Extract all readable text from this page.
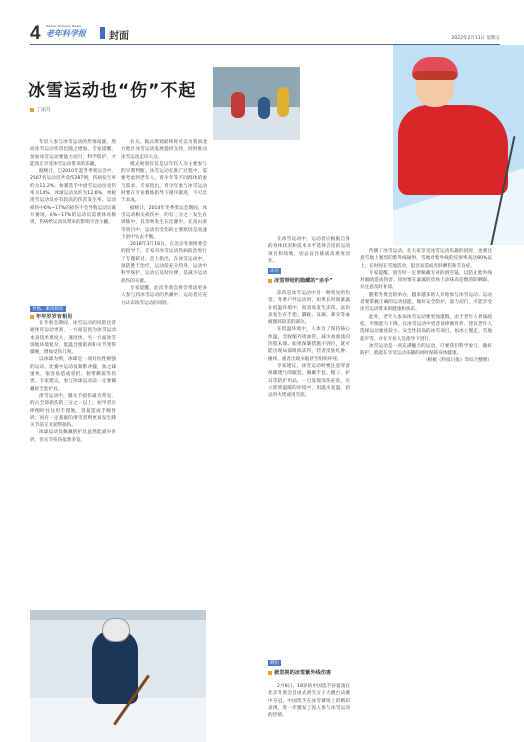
4 Senior Science News
老年科学报 封面	2022年2月11日 星期五
冰雪运动也“伤”不起
丁丽丹

年轻人参与冰雪运动的热情高涨，然而冰雪运动伤害也随之增加。专家提醒，参加冰雪运动要量力而行，科学防护，才能真正享受冰雪运动带来的乐趣。

据统计，自2010年起冬季奥运会中，2567名运动员共受伤287例，伤病发生率约为11.2%。参赛选手中滑雪运动员受伤率为14%，冰球运动员约为12.6%，单板滑雪运动员亦有较高的伤害发生率。运动损伤中6%~17%的损伤不会导致运动员离开赛场，6%~17%的运动员需要休养数周，伤病给运动员带来的影响不容小觑。

骨骼、肌肉损伤
年年岁岁有相见

在冬奥会期间，冰雪运动的风险比普通体育运动更高，一方面是因为冰雪运动本身技术难度大、速度快，另一方面冰雪场地环境复杂，低温会使肌肉和关节变得僵硬，增加受伤几率。

以冰球为例，冰球是一项对抗性极强的运动，比赛中运动员频繁冲撞，加之球速快，很容易造成骨折、韧带撕裂等伤害。专家建议，参与冰球运动前一定要佩戴好全套护具。

滑雪运动中，膝关节损伤最为常见，约占全部损伤的三分之一以上。初学者在摔倒时往往用手撑地，容易造成手腕骨折；而有一定基础的滑雪者则更易发生膝关节前交叉韧带损伤。

冰球运动员佩戴的护具虽然能减少骨折，但关节扭伤依然多发。

有关。模式规划最终将可以为我国北方地区冰雪运动发展提供支持，同时推动冰雪运动走向大众。

模式规划仅仅是以年轻人为主要参与的早期判断。冰雪运动在推广过程中，需要考虑到老年人、青少年等不同群体的参与需求。专家指出，青少年参与冰雪运动时要在专业教练指导下循序渐进，不可急于求成。

据统计，2014年冬季奥运会期间，冰雪运动相关损伤中，约有三分之一发生在训练中，其余则发生在比赛中。在高山滑雪项目中，运动员受伤的主要原因是高速下滑中失去平衡。

2018年3月18日，在北京冬奥组委会的指导下，专家对冰雪运动伤病防治进行了专题研讨。会上指出，在冰雪运动中，预防胜于治疗，运动前充分热身、运动中科学保护、运动后及时拉伸，是减少运动损伤的关键。

专家提醒，此次冬奥会将会带动更多人参与到冰雪运动的热潮中，运动者应充分认识冰雪运动的风险。

在冰雪运动中，运动者应根据自身的身体状况和技术水平选择合适的运动项目和场地，切忌盲目挑战高难度动作。

冻伤
冰雪带给的隐藏的“杀手”

冻伤是冰雪运动中另一种常见的伤害，冬季户外运动时，如果长时间暴露在低温环境中，很容易发生冻伤。冻伤多发生在手指、脚趾、耳廓、鼻尖等血液循环较差的部位。

在低温环境中，人体为了保持核心体温，会收缩外周血管，减少血液流向四肢末端。如果保暖措施不到位，就可能出现局部组织冻伤，轻者皮肤红肿、瘙痒，重者出现水疱甚至组织坏死。

专家建议，冰雪运动时要注意穿着保暖透气的服装，佩戴手套、帽子、护耳等防护用品，一旦发现冻伤症状，应立即到温暖的环境中，用温水复温，切忌用火烤或用雪搓。

晒伤
被忽视的冰雪紫外线伤害

2月8日，18岁的中国选手谷爱凌在北京冬奥会自由式滑雪女子大跳台决赛中夺冠。中国选手在冰雪赛场上的精彩表现，进一步激发了国人参与冰雪运动的热情。

传播了冰雪运动。在大家享受冰雪运动乐趣的同时，也要注意雪地上强烈的紫外线辐射。雪地对紫外线的反射率高达80%以上，长时间在雪地活动，很容易造成皮肤晒伤和雪盲症。

专家提醒，滑雪时一定要佩戴专业的滑雪镜，以防止紫外线对眼睛造成伤害；同时要在暴露的皮肤上涂抹高倍数的防晒霜，并注意及时补涂。

随着冬奥会的举办，越来越多的人开始参与冰雪运动。运动者要掌握正确的运动技能，做好安全防护，量力而行，才能享受冰雪运动带来的健康和快乐。

此外，老年人参加冰雪运动要更加谨慎。由于老年人骨质疏松、平衡能力下降，在冰雪运动中更容易摔倒骨折。建议老年人选择运动强度较小、安全性较高的冰雪项目，如冰上慢走、雪地徒步等，并在专业人员指导下进行。

冰雪运动是一项充满魅力的运动，只要我们科学参与、做好防护，就能在享受运动乐趣的同时保障身体健康。

（根据《科技日报》等综合整理）
